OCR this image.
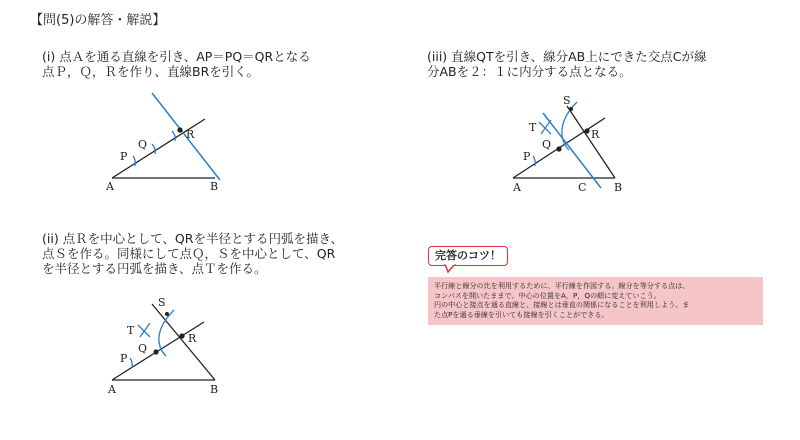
【問(5)の解答・解説】
(i) 点Ａを通る直線を引き、AP＝PQ＝QRとなる
点Ｐ，Ｑ，Ｒを作り、直線BRを引く。
(iii) 直線QTを引き、線分AB上にできた交点Cが線
分ABを２：１に内分する点となる。
(ii) 点Ｒを中心として、QRを半径とする円弧を描き、
点Ｓを作る。同様にして点Ｑ，Ｓを中心として、QR
を半径とする円弧を描き、点Ｔを作る。
A	B
P
Q
R
A	B
C
P
Q
R
S
T
A	B
P
Q
R
S
T
完答のコツ！

平行線と線分の比を利用するために、平行線を作図する。線分を等分する点は、

コンパスを開いたままで、中心の位置をA，P，Qの順に変えていこう。

円の中心と接点を通る直線と、接線とは垂直の関係になることを利用しよう。ま

た点Pを通る垂線を引いても接線を引くことができる。
